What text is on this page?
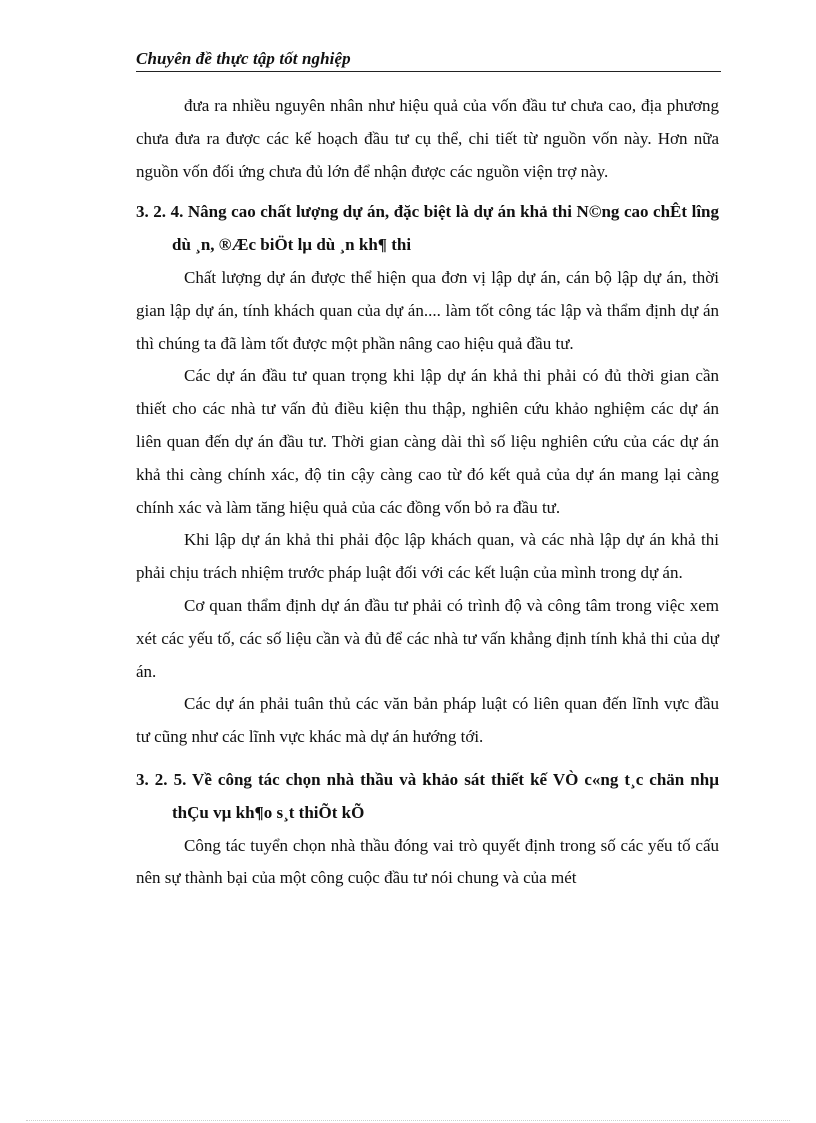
Chuyên đề thực tập tốt nghiệp

đưa ra nhiều nguyên nhân như hiệu quả của vốn đầu tư chưa cao, địa phương chưa đưa ra được các kế hoạch đầu tư cụ thể, chi tiết từ nguồn vốn này. Hơn nữa nguồn vốn đối ứng chưa đủ lớn để nhận được các nguồn viện trợ này.

3. 2. 4. Nâng cao chất lượng dự án, đặc biệt là dự án khả thi N©ng cao chÊt lîng dù ¸n, ®Æc biÖt lµ dù ¸n kh¶ thi

Chất lượng dự án được thể hiện qua đơn vị lập dự án, cán bộ lập dự án, thời gian lập dự án, tính khách quan của dự án.... làm tốt công tác lập và thẩm định dự án thì chúng ta đã làm tốt được một phần nâng cao hiệu quả đầu tư.

Các dự án đầu tư quan trọng khi lập dự án khả thi phải có đủ thời gian cần thiết cho các nhà tư vấn đủ điều kiện thu thập, nghiên cứu khảo nghiệm các dự án liên quan đến dự án đầu tư. Thời gian càng dài thì số liệu nghiên cứu của các dự án khả thi càng chính xác, độ tin cậy càng cao từ đó kết quả của dự án mang lại càng chính xác và làm tăng hiệu quả của các đồng vốn bỏ ra đầu tư.

Khi lập dự án khả thi phải độc lập khách quan, và các nhà lập dự án khả thi phải chịu trách nhiệm trước pháp luật đối với các kết luận của mình trong dự án.

Cơ quan thẩm định dự án đầu tư phải có trình độ và công tâm trong việc xem xét các yếu tố, các số liệu cần và đủ để các nhà tư vấn khẳng định tính khả thi của dự án.

Các dự án phải tuân thủ các văn bản pháp luật có liên quan đến lĩnh vực đầu tư cũng như các lĩnh vực khác mà dự án hướng tới.

3. 2. 5. Về công tác chọn nhà thầu và khảo sát thiết kế VÒ c«ng t¸c chän nhµ thÇu vµ kh¶o s¸t thiÕt kÕ

Công tác tuyển chọn nhà thầu đóng vai trò quyết định trong số các yếu tố cấu nên sự thành bại của một công cuộc đầu tư nói chung và của mét
